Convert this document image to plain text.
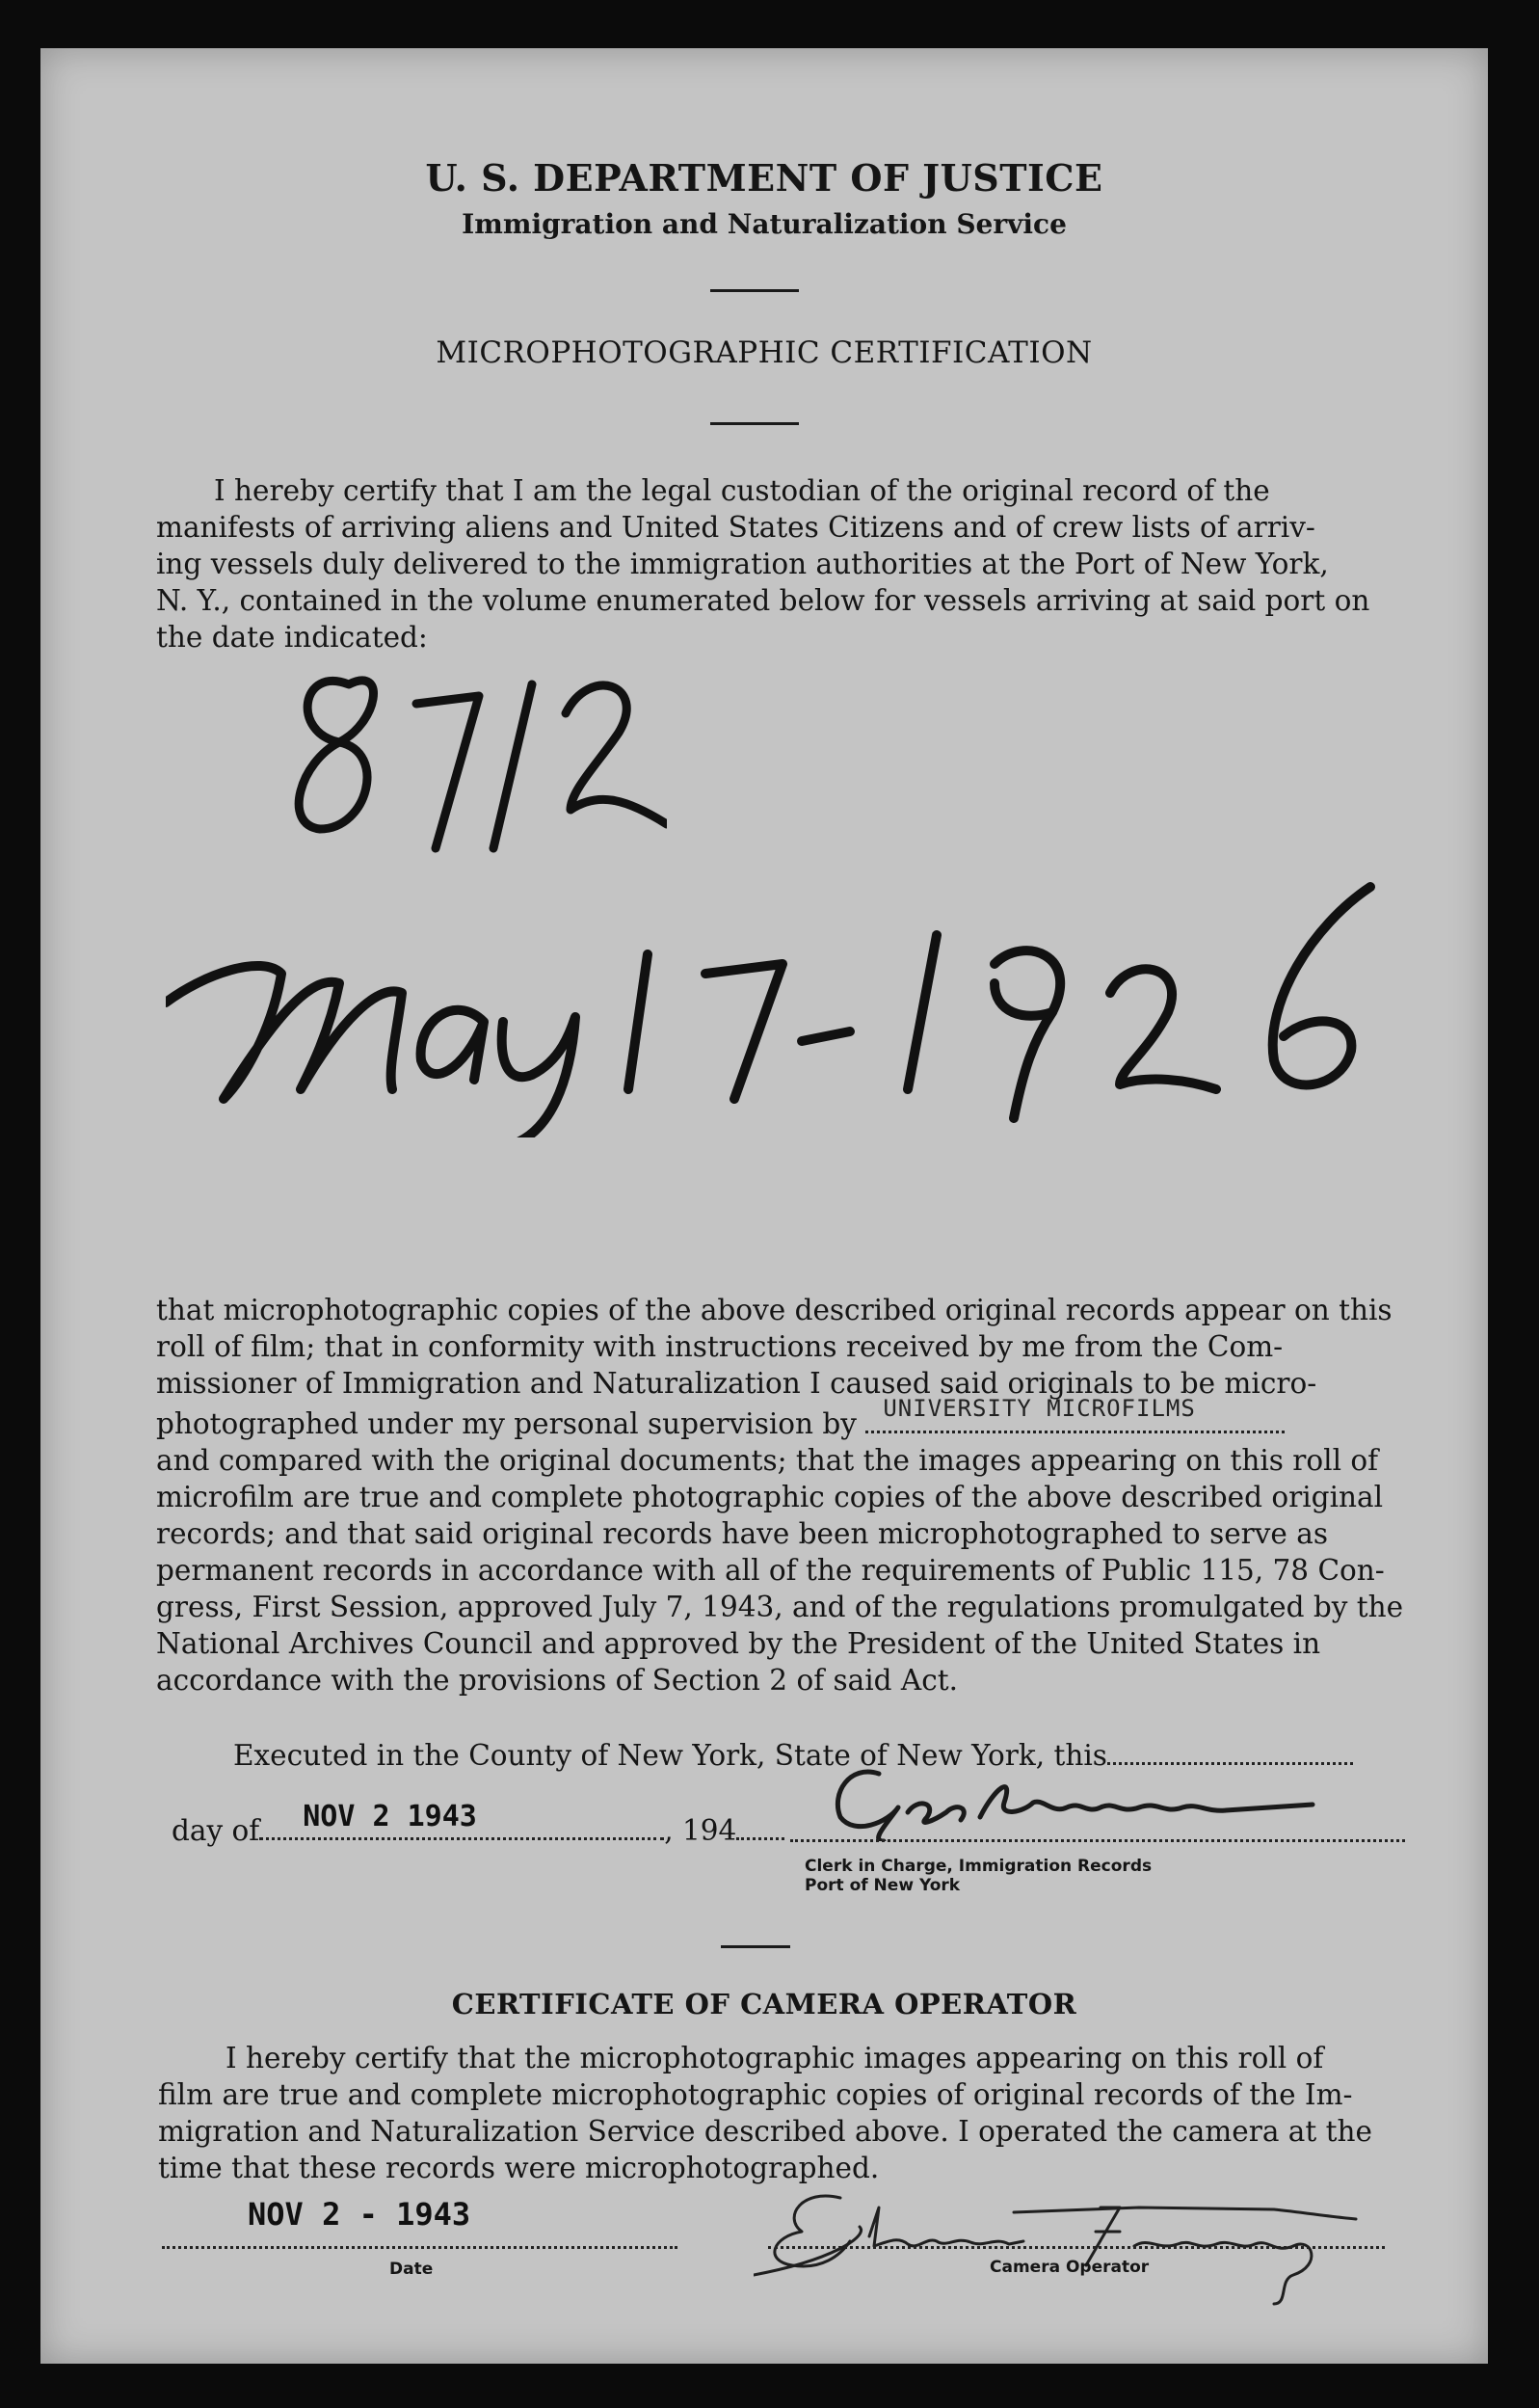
U. S. DEPARTMENT OF JUSTICE
Immigration and Naturalization Service
MICROPHOTOGRAPHIC CERTIFICATION
I hereby certify that I am the legal custodian of the original record of the
manifests of arriving aliens and United States Citizens and of crew lists of arriv-
ing vessels duly delivered to the immigration authorities at the Port of New York,
N. Y., contained in the volume enumerated below for vessels arriving at said port on
the date indicated:
that microphotographic copies of the above described original records appear on this
roll of film; that in conformity with instructions received by me from the Com-
missioner of Immigration and Naturalization I caused said originals to be micro-
photographed under my personal supervision by UNIVERSITY MICROFILMS
and compared with the original documents; that the images appearing on this roll of
microfilm are true and complete photographic copies of the above described original
records; and that said original records have been microphotographed to serve as
permanent records in accordance with all of the requirements of Public 115, 78 Con-
gress, First Session, approved July 7, 1943, and of the regulations promulgated by the
National Archives Council and approved by the President of the United States in
accordance with the provisions of Section 2 of said Act.
Executed in the County of New York, State of New York, this
day of NOV 2 1943	, 194
Clerk in Charge, Immigration Records
Port of New York
CERTIFICATE OF CAMERA OPERATOR
I hereby certify that the microphotographic images appearing on this roll of
film are true and complete microphotographic copies of original records of the Im-
migration and Naturalization Service described above. I operated the camera at the
time that these records were microphotographed.
NOV 2 - 1943
Date	Camera Operator
